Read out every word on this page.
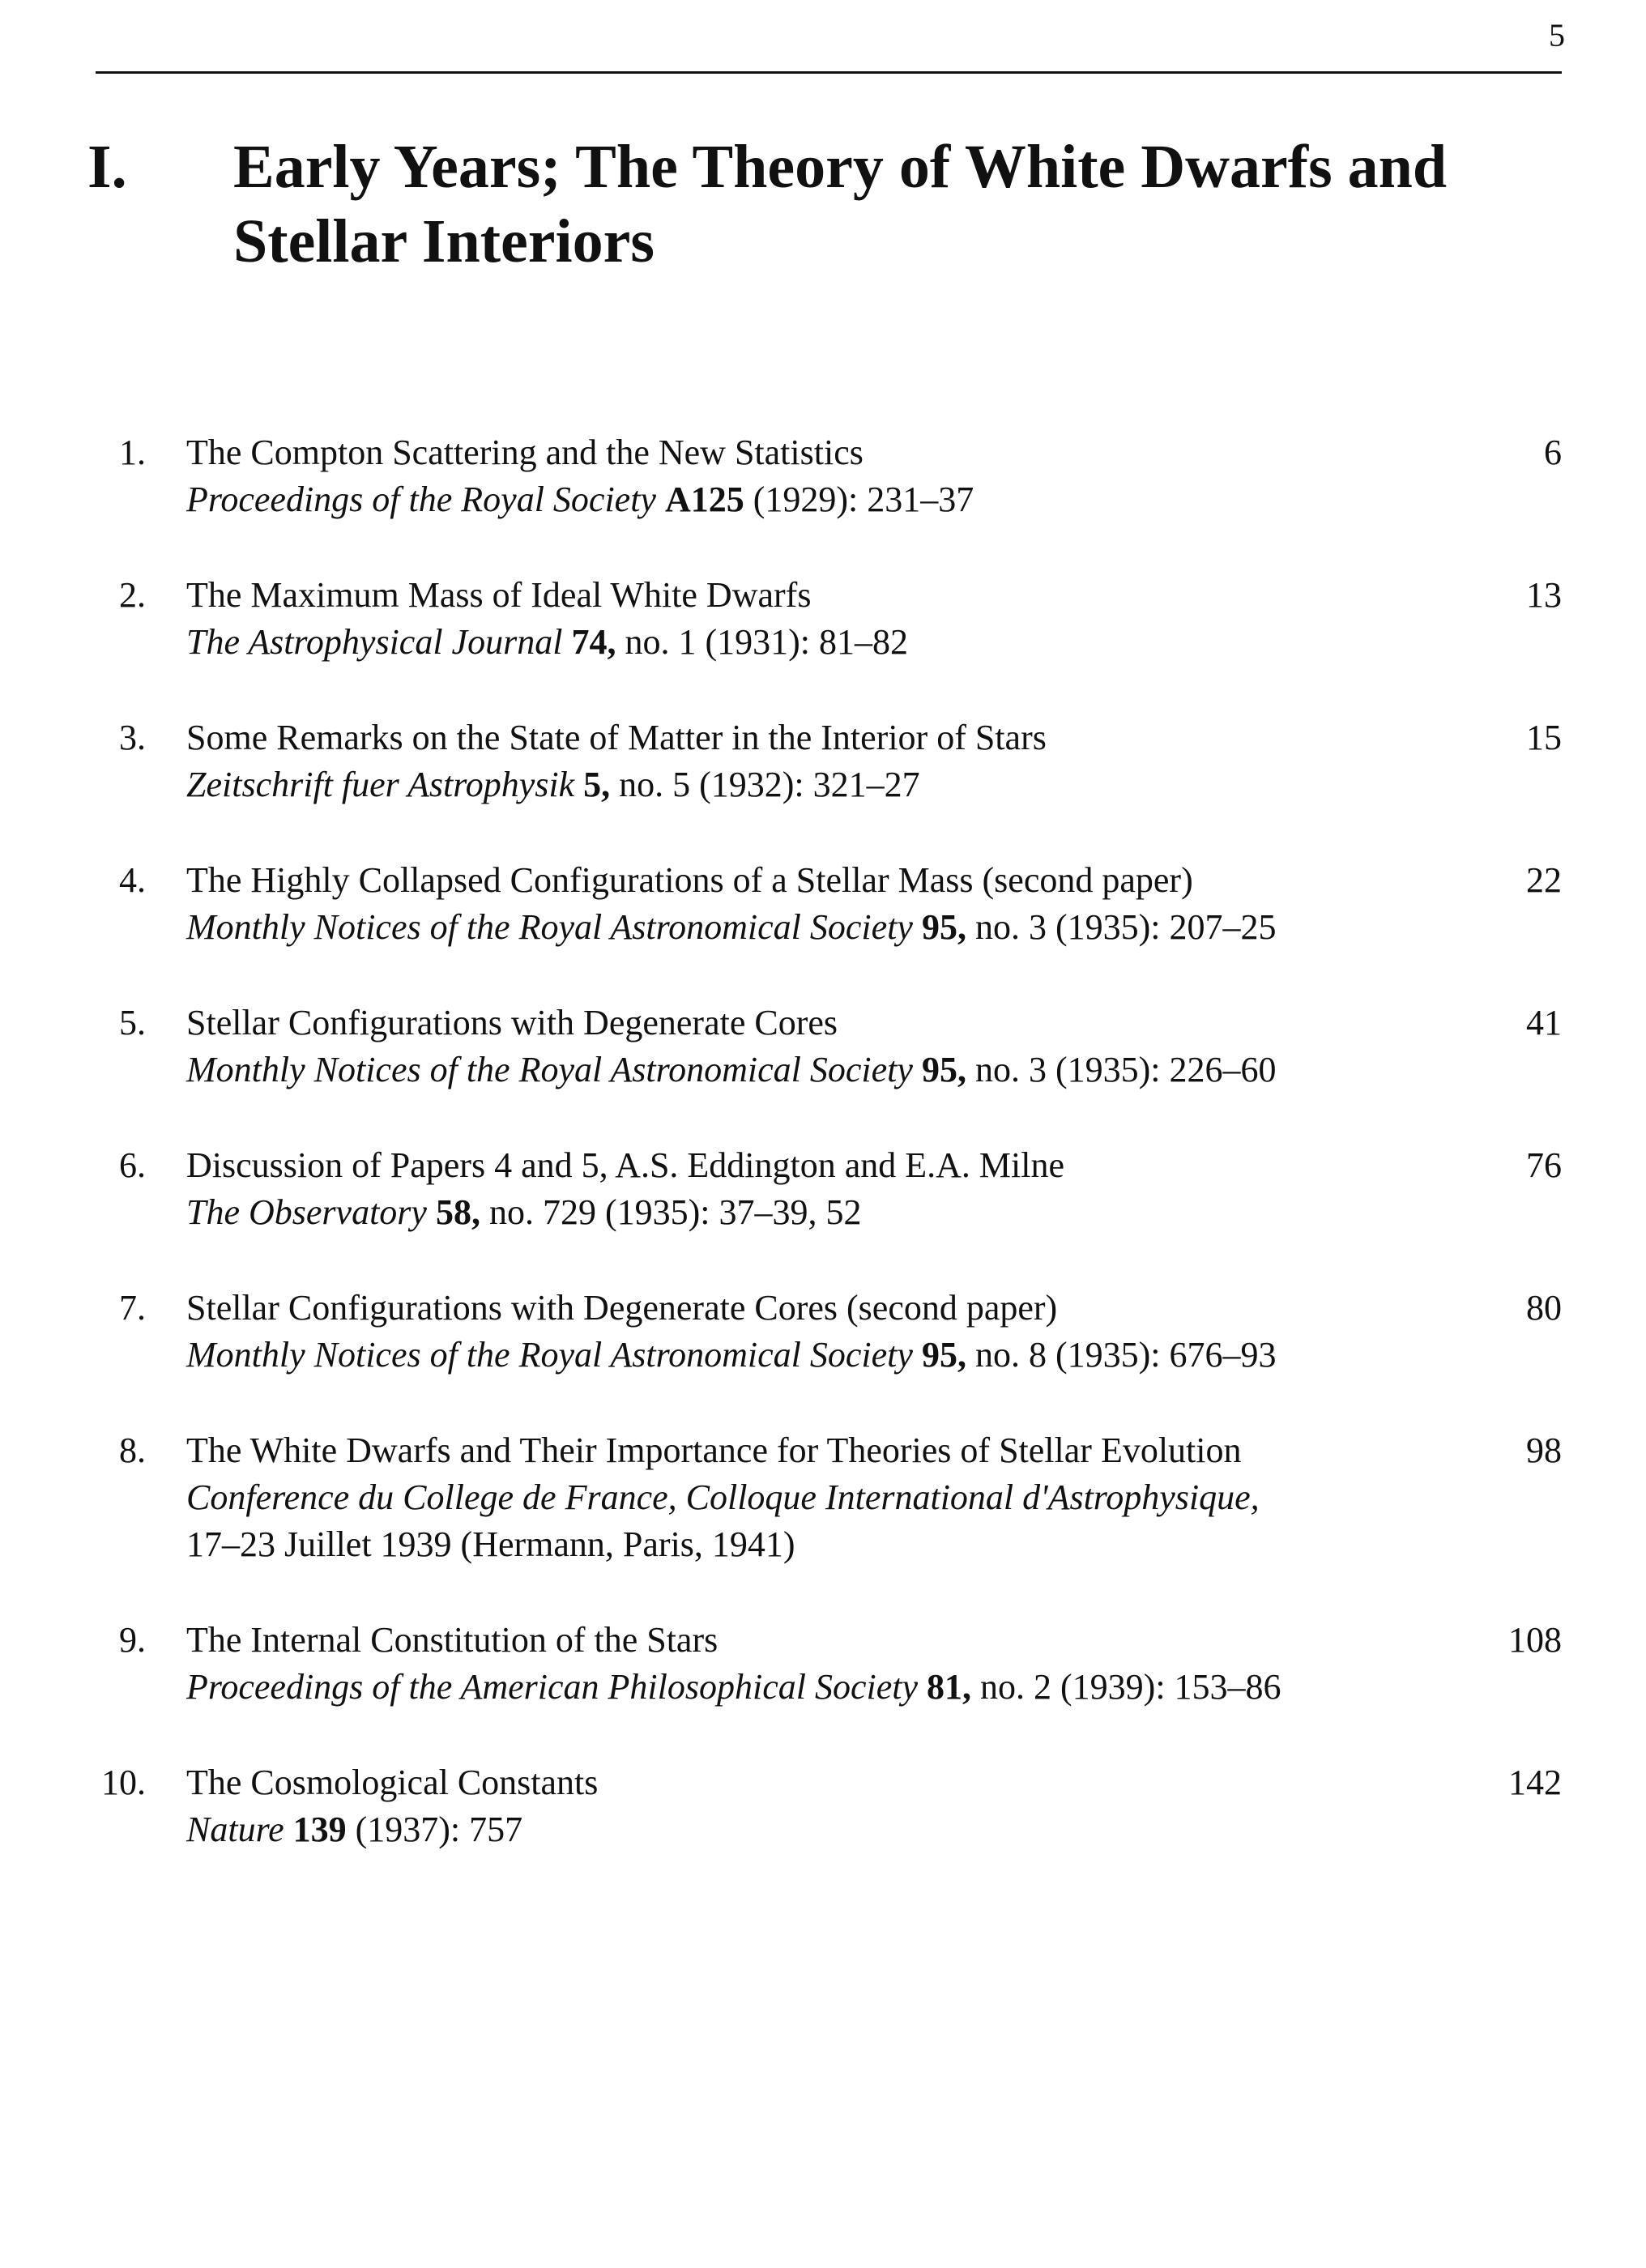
5
I. Early Years; The Theory of White Dwarfs and Stellar Interiors
1. The Compton Scattering and the New Statistics
Proceedings of the Royal Society A125 (1929): 231–37
6
2. The Maximum Mass of Ideal White Dwarfs
The Astrophysical Journal 74, no. 1 (1931): 81–82
13
3. Some Remarks on the State of Matter in the Interior of Stars
Zeitschrift fuer Astrophysik 5, no. 5 (1932): 321–27
15
4. The Highly Collapsed Configurations of a Stellar Mass (second paper)
Monthly Notices of the Royal Astronomical Society 95, no. 3 (1935): 207–25
22
5. Stellar Configurations with Degenerate Cores
Monthly Notices of the Royal Astronomical Society 95, no. 3 (1935): 226–60
41
6. Discussion of Papers 4 and 5, A.S. Eddington and E.A. Milne
The Observatory 58, no. 729 (1935): 37–39, 52
76
7. Stellar Configurations with Degenerate Cores (second paper)
Monthly Notices of the Royal Astronomical Society 95, no. 8 (1935): 676–93
80
8. The White Dwarfs and Their Importance for Theories of Stellar Evolution
Conference du College de France, Colloque International d'Astrophysique,
17–23 Juillet 1939 (Hermann, Paris, 1941)
98
9. The Internal Constitution of the Stars
Proceedings of the American Philosophical Society 81, no. 2 (1939): 153–86
108
10. The Cosmological Constants
Nature 139 (1937): 757
142
